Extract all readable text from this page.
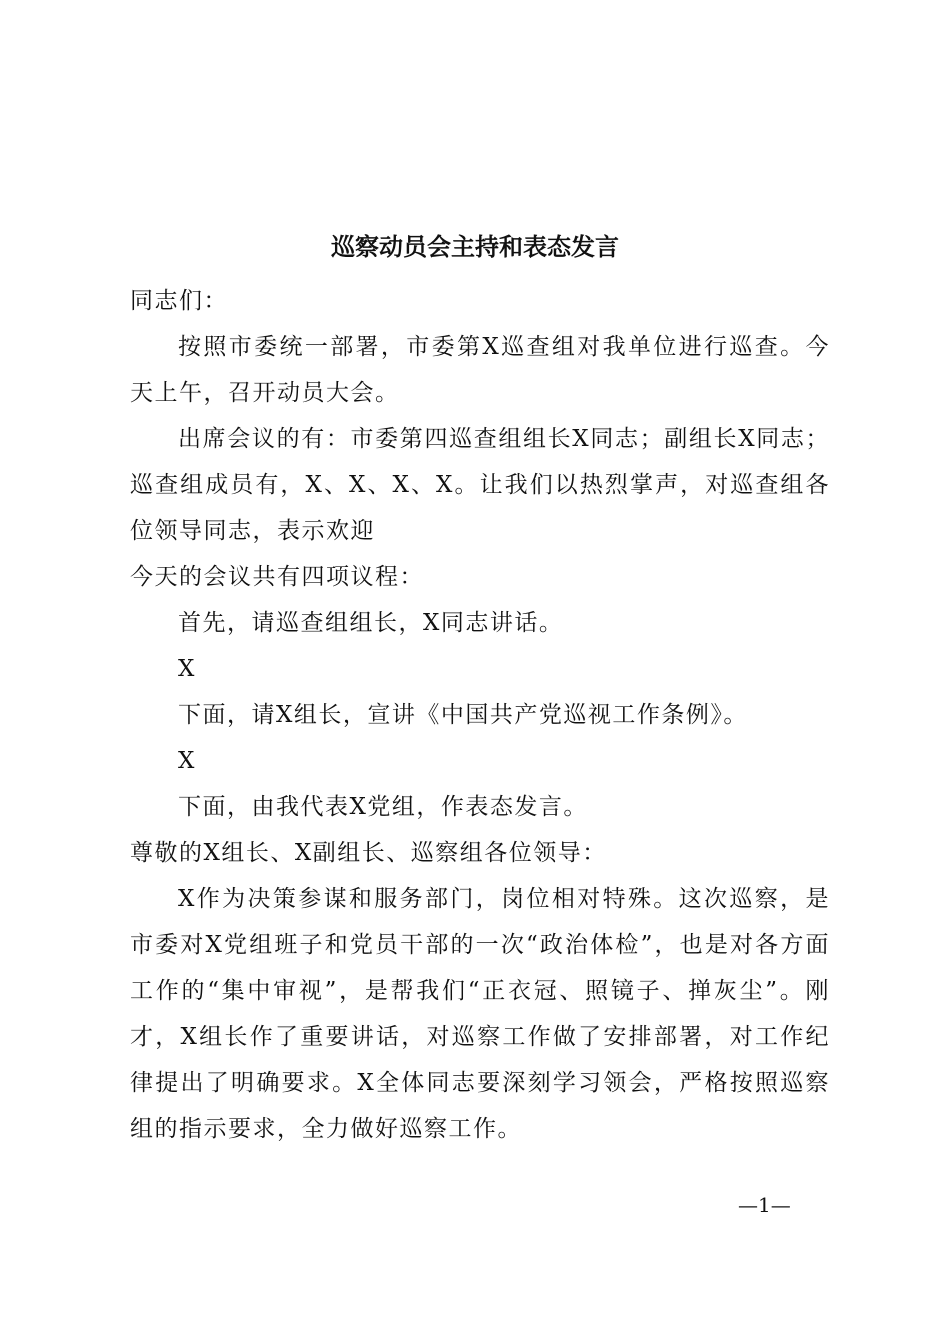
巡察动员会主持和表态发言

同志们：

按照市委统一部署，市委第X巡查组对我单位进行巡查。今天上午，召开动员大会。

出席会议的有：市委第四巡查组组长X同志；副组长X同志；巡查组成员有，X、X、X、X。让我们以热烈掌声，对巡查组各位领导同志，表示欢迎

今天的会议共有四项议程：

首先，请巡查组组长，X同志讲话。

X

下面，请X组长，宣讲《中国共产党巡视工作条例》。

X

下面，由我代表X党组，作表态发言。

尊敬的X组长、X副组长、巡察组各位领导：

X作为决策参谋和服务部门，岗位相对特殊。这次巡察，是市委对X党组班子和党员干部的一次“政治体检”，也是对各方面工作的“集中审视”，是帮我们“正衣冠、照镜子、掸灰尘”。刚才，X组长作了重要讲话，对巡察工作做了安排部署，对工作纪律提出了明确要求。X全体同志要深刻学习领会，严格按照巡察组的指示要求，全力做好巡察工作。

—1—
